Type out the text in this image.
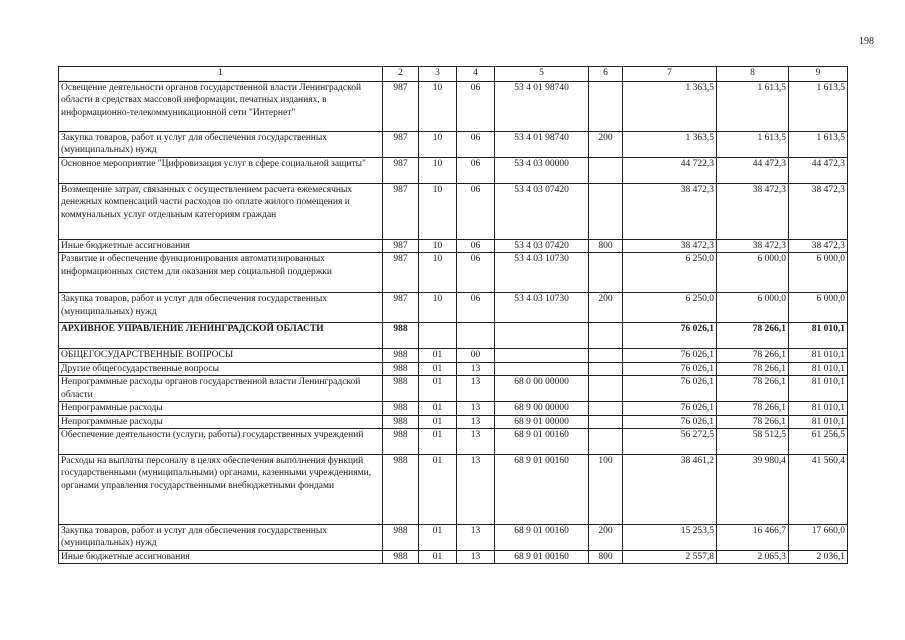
198
1	2	3	4	5	6	7	8	9
Освещение деятельности органов государственной власти Ленинградской области в средствах массовой информации, печатных изданиях, в информационно-телекоммуникационной сети "Интернет"	987	10	06	53 4 01 98740		1 363,5	1 613,5	1 613,5
Закупка товаров, работ и услуг для обеспечения государственных (муниципальных) нужд	987	10	06	53 4 01 98740	200	1 363,5	1 613,5	1 613,5
Основное мероприятие "Цифровизация услуг в сфере социальной защиты"	987	10	06	53 4 03 00000		44 722,3	44 472,3	44 472,3
Возмещение затрат, связанных с осуществлением расчета ежемесячных денежных компенсаций части расходов по оплате жилого помещения и коммунальных услуг отдельным категориям граждан	987	10	06	53 4 03 07420		38 472,3	38 472,3	38 472,3
Иные бюджетные ассигнования	987	10	06	53 4 03 07420	800	38 472,3	38 472,3	38 472,3
Развитие и обеспечение функционирования автоматизированных информационных систем для оказания мер социальной поддержки	987	10	06	53 4 03 10730		6 250,0	6 000,0	6 000,0
Закупка товаров, работ и услуг для обеспечения государственных (муниципальных) нужд	987	10	06	53 4 03 10730	200	6 250,0	6 000,0	6 000,0
АРХИВНОЕ УПРАВЛЕНИЕ ЛЕНИНГРАДСКОЙ ОБЛАСТИ	988					76 026,1	78 266,1	81 010,1
ОБЩЕГОСУДАРСТВЕННЫЕ ВОПРОСЫ	988	01	00			76 026,1	78 266,1	81 010,1
Другие общегосударственные вопросы	988	01	13			76 026,1	78 266,1	81 010,1
Непрограммные расходы органов государственной власти Ленинградской области	988	01	13	68 0 00 00000		76 026,1	78 266,1	81 010,1
Непрограммные расходы	988	01	13	68 9 00 00000		76 026,1	78 266,1	81 010,1
Непрограммные расходы	988	01	13	68 9 01 00000		76 026,1	78 266,1	81 010,1
Обеспечение деятельности (услуги, работы) государственных учреждений	988	01	13	68 9 01 00160		56 272,5	58 512,5	61 256,5
Расходы на выплаты персоналу в целях обеспечения выполнения функций государственными (муниципальными) органами, казенными учреждениями, органами управления государственными внебюджетными фондами	988	01	13	68 9 01 00160	100	38 461,2	39 980,4	41 560,4
Закупка товаров, работ и услуг для обеспечения государственных (муниципальных) нужд	988	01	13	68 9 01 00160	200	15 253,5	16 466,7	17 660,0
Иные бюджетные ассигнования	988	01	13	68 9 01 00160	800	2 557,8	2 065,3	2 036,1
